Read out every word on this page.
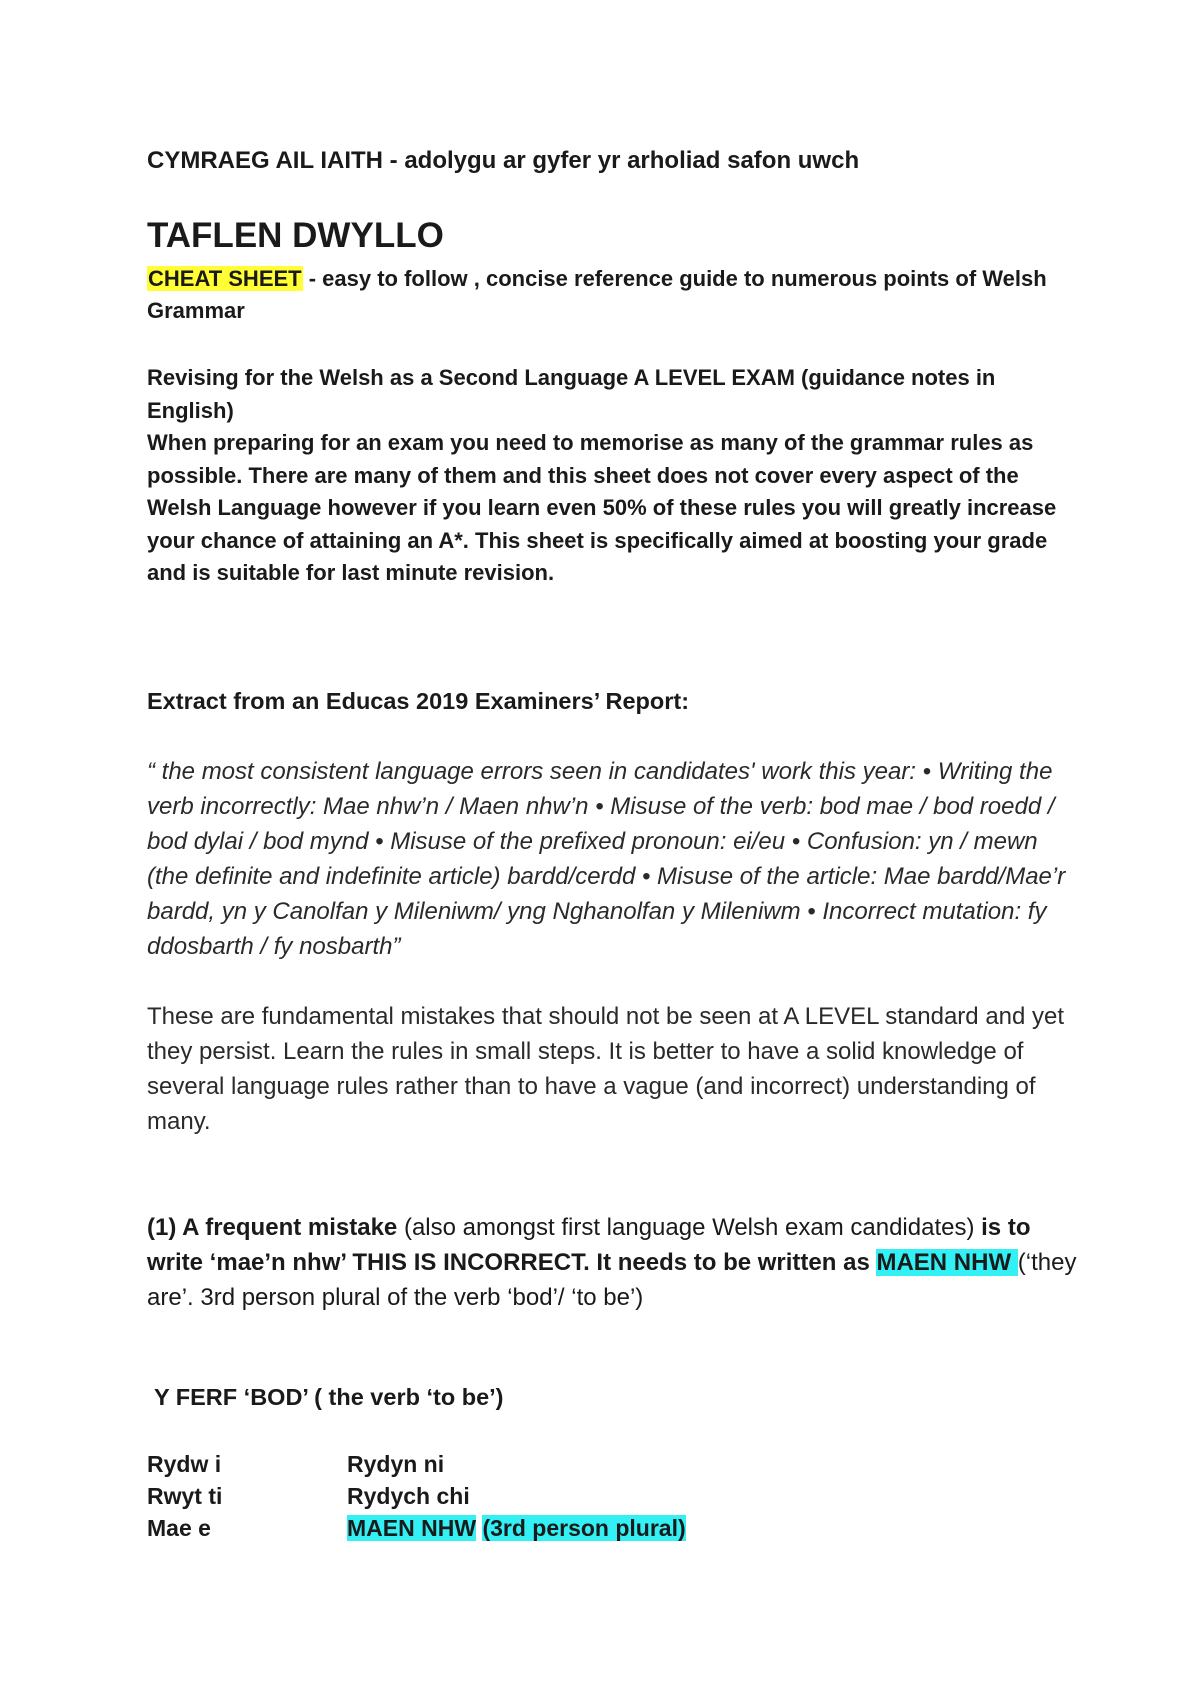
CYMRAEG AIL IAITH - adolygu ar gyfer yr arholiad safon uwch
TAFLEN DWYLLO
CHEAT SHEET - easy to follow , concise reference guide to numerous points of Welsh Grammar
Revising for the Welsh as a Second Language A LEVEL EXAM (guidance notes in English)
When preparing for an exam you need to memorise as many of the grammar rules as possible. There are many of them and this sheet does not cover every aspect of the Welsh Language however if you learn even 50% of these rules you will greatly increase your chance of attaining an A*. This sheet is specifically aimed at boosting your grade and is suitable for last minute revision.
Extract from an Educas 2019 Examiners’ Report:
“ the most consistent language errors seen in candidates' work this year: • Writing the verb incorrectly: Mae nhw’n / Maen nhw’n • Misuse of the verb: bod mae / bod roedd / bod dylai / bod mynd • Misuse of the prefixed pronoun: ei/eu • Confusion: yn / mewn (the definite and indefinite article) bardd/cerdd • Misuse of the article: Mae bardd/Mae’r bardd, yn y Canolfan y Mileniwm/ yng Nghanolfan y Mileniwm • Incorrect mutation: fy ddosbarth / fy nosbarth”
These are fundamental mistakes that should not be seen at A LEVEL standard and yet they persist. Learn the rules in small steps. It is better to have a solid knowledge of several language rules rather than to have a vague (and incorrect) understanding of many.
(1) A frequent mistake (also amongst first language Welsh exam candidates) is to write ‘mae’n nhw’ THIS IS INCORRECT. It needs to be written as MAEN NHW (‘they are’. 3rd person plural of the verb ‘bod’/ ‘to be’)
Y FERF ‘BOD’ ( the verb ‘to be’)
Rydw i	Rydyn ni
Rwyt ti	Rydych chi
Mae e	MAEN NHW (3rd person plural)
